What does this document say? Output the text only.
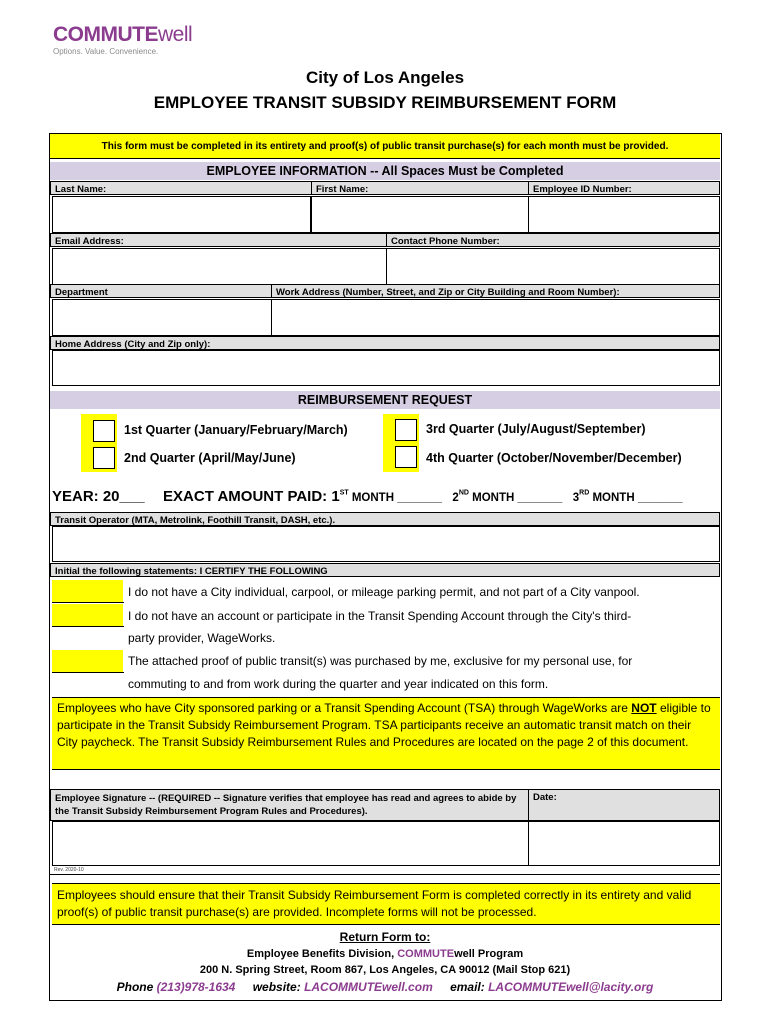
COMMUTEwell
Options. Value. Convenience.
City of Los Angeles
EMPLOYEE TRANSIT SUBSIDY REIMBURSEMENT FORM
This form must be completed in its entirety and proof(s) of public transit purchase(s) for each month must be provided.
EMPLOYEE INFORMATION -- All Spaces Must be Completed
Last Name:	First Name:	Employee ID Number:
Email Address:	Contact Phone Number:
Department	Work Address (Number, Street, and Zip or City Building and Room Number):
Home Address (City and Zip only):
REIMBURSEMENT REQUEST
1st Quarter (January/February/March)
2nd Quarter (April/May/June)
3rd Quarter (July/August/September)
4th Quarter (October/November/December)
YEAR: 20___ EXACT AMOUNT PAID: 1ST MONTH _______ 2ND MONTH _______ 3RD MONTH _______
Transit Operator (MTA, Metrolink, Foothill Transit, DASH, etc.).
Initial the following statements: I CERTIFY THE FOLLOWING
I do not have a City individual, carpool, or mileage parking permit, and not part of a City vanpool.
I do not have an account or participate in the Transit Spending Account through the City's third-
party provider, WageWorks.
The attached proof of public transit(s) was purchased by me, exclusive for my personal use, for
commuting to and from work during the quarter and year indicated on this form.
Employees who have City sponsored parking or a Transit Spending Account (TSA) through WageWorks are NOT eligible to participate in the Transit Subsidy Reimbursement Program. TSA participants receive an automatic transit match on their City paycheck. The Transit Subsidy Reimbursement Rules and Procedures are located on the page 2 of this document.
Employee Signature -- (REQUIRED -- Signature verifies that employee has read and agrees to abide by the Transit Subsidy Reimbursement Program Rules and Procedures).
Date:
Rev. 2020-10
Employees should ensure that their Transit Subsidy Reimbursement Form is completed correctly in its entirety and valid proof(s) of public transit purchase(s) are provided. Incomplete forms will not be processed.
Return Form to:
Employee Benefits Division, COMMUTEwell Program
200 N. Spring Street, Room 867, Los Angeles, CA 90012 (Mail Stop 621)
Phone (213)978-1634 website: LACOMMUTEwell.com email: LACOMMUTEwell@lacity.org
